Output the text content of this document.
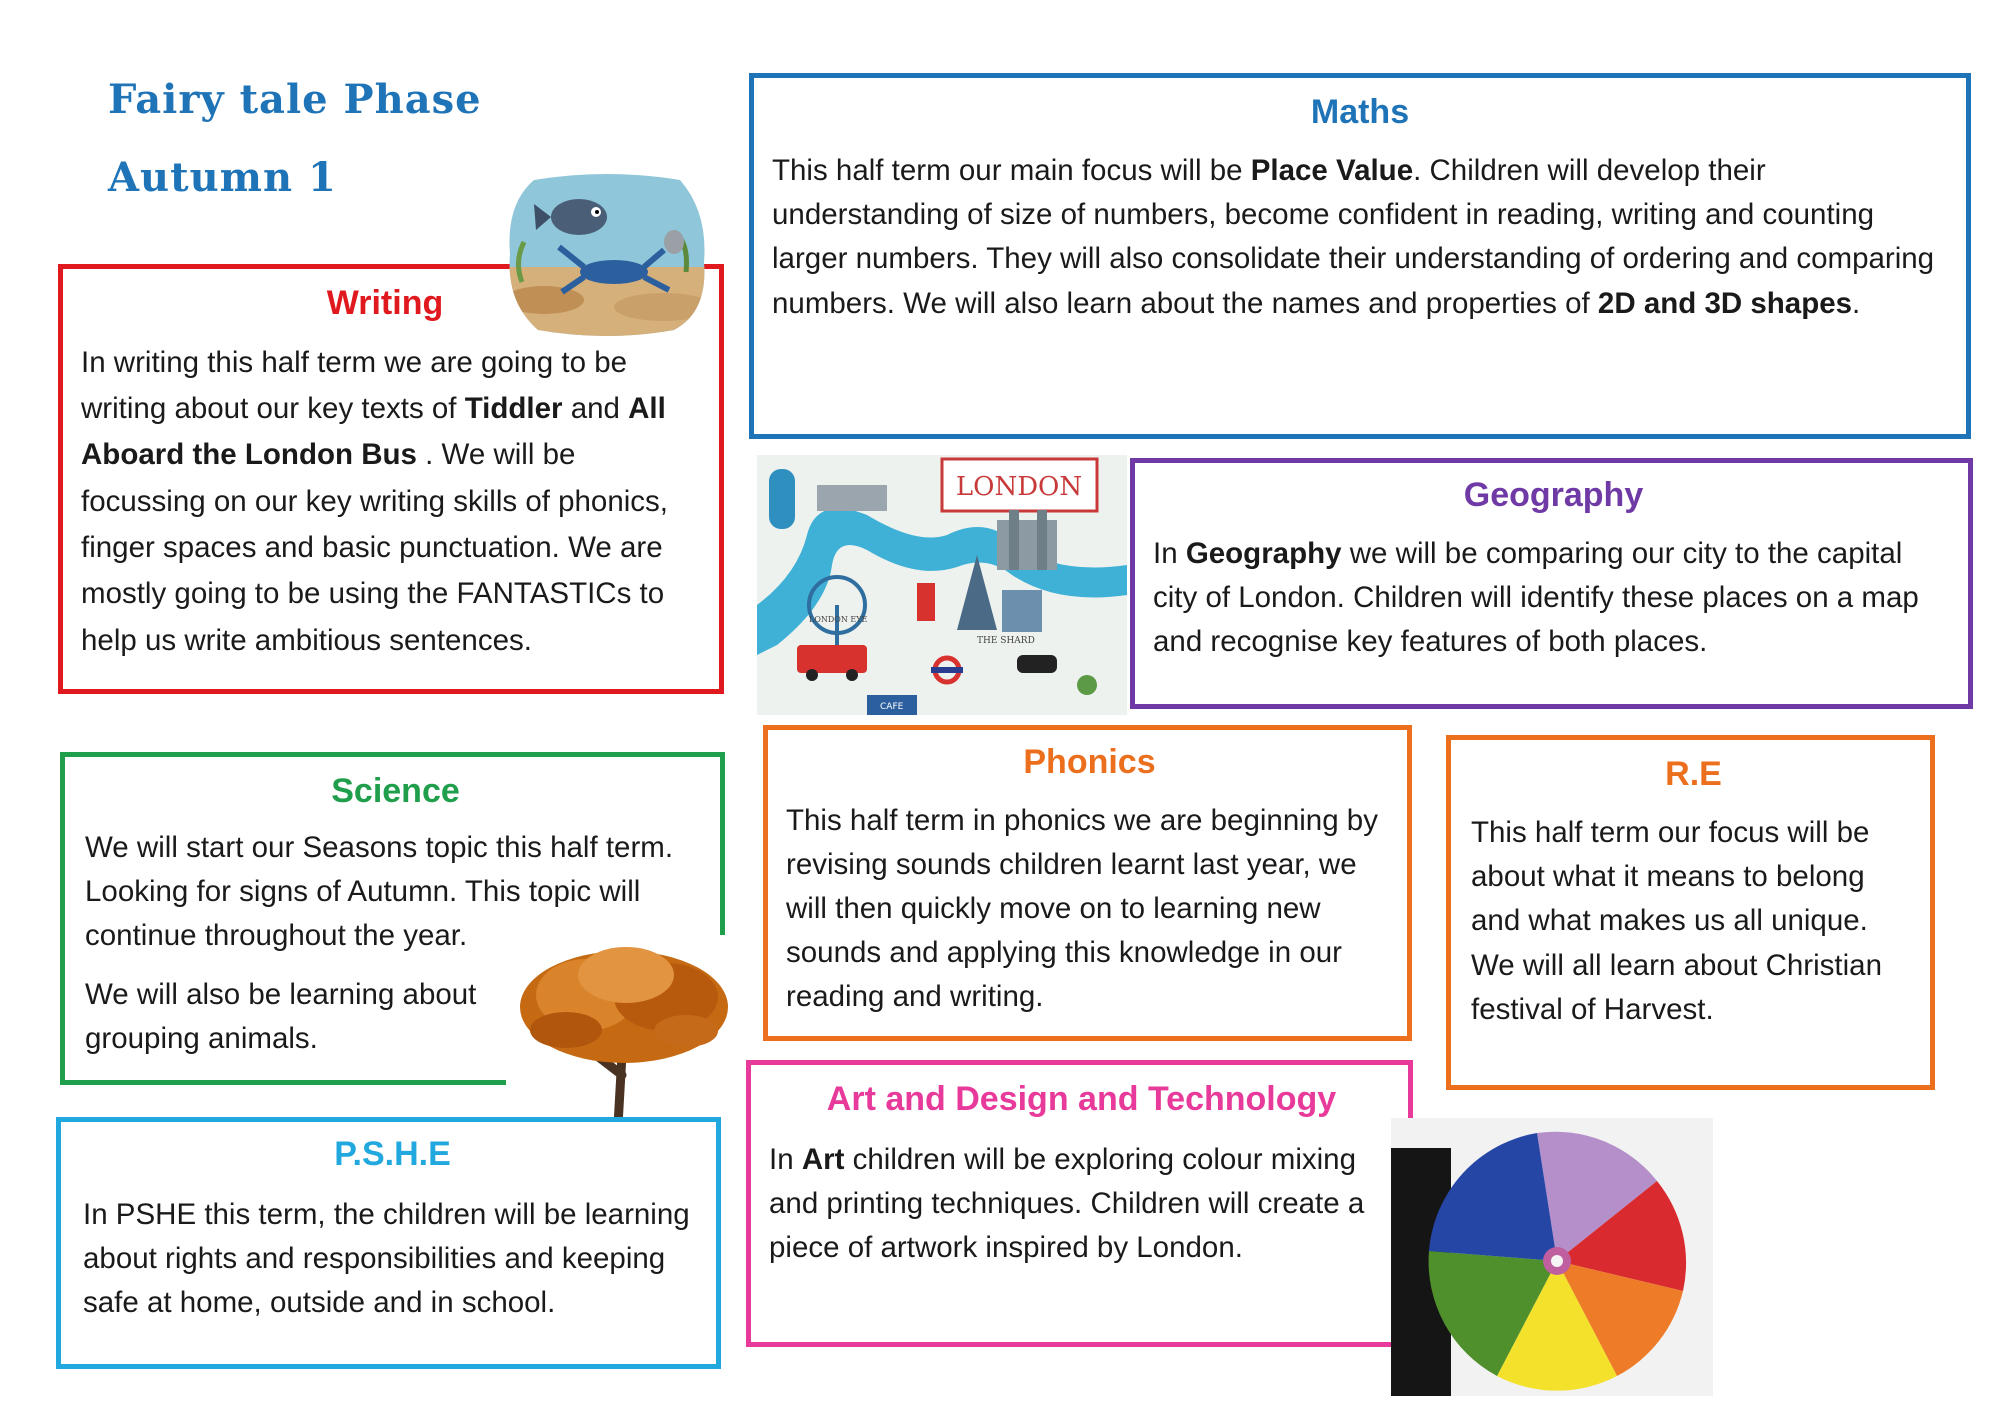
Fairy tale Phase
Autumn 1
Writing

In writing this half term we are going to be writing about our key texts of Tiddler and All Aboard the London Bus . We will be focussing on our key writing skills of phonics, finger spaces and basic punctuation. We are mostly going to be using the FANTASTICs to help us write ambitious sentences.

Maths

This half term our main focus will be Place Value. Children will develop their understanding of size of numbers, become confident in reading, writing and counting larger numbers. They will also consolidate their understanding of ordering and comparing numbers. We will also learn about the names and properties of 2D and 3D shapes.

LONDON
LONDON EYE
THE SHARD
CAFE
Geography

In Geography we will be comparing our city to the capital city of London. Children will identify these places on a map and recognise key features of both places.

Science

We will start our Seasons topic this half term. Looking for signs of Autumn. This topic will continue throughout the year.

We will also be learning about grouping animals.

Phonics

This half term in phonics we are beginning by revising sounds children learnt last year, we will then quickly move on to learning new sounds and applying this knowledge in our reading and writing.

R.E

This half term our focus will be about what it means to belong and what makes us all unique. We will all learn about Christian festival of Harvest.

P.S.H.E

In PSHE this term, the children will be learning about rights and responsibilities and keeping safe at home, outside and in school.

Art and Design and Technology

In Art children will be exploring colour mixing and printing techniques. Children will create a piece of artwork inspired by London.
